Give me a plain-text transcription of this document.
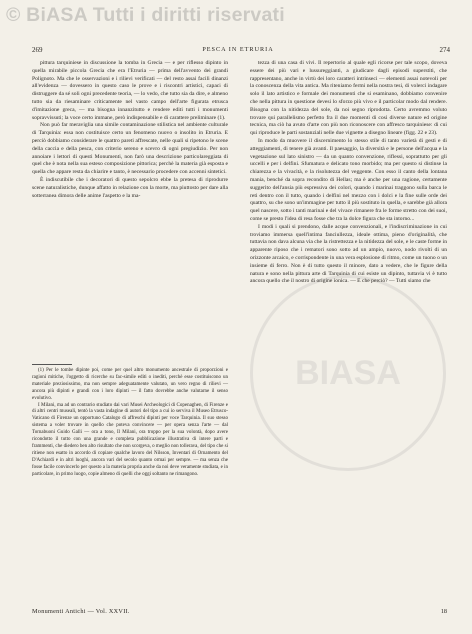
© BiASA Tutti i diritti riservati
BIASA
269	PESCA IN ETRURIA	274

pittura tarquiniese in discussione la tomba in Grecia — e per riflesso dipinto in quella mirabile piccola Grecia che era l'Etruria — prima dell'avvento dei grandi Polignoto. Ma che le osservazioni e i rilievi verificati — del resto assai facili dinanzi all'evidenza — dovessero in questo caso le prove e i riscontri artistici, capaci di distruggere da sé soli ogni precedente teoria, — lo vedo, che tutto sia da dire, e almeno tutto sia da riesaminare criticamente nel vasto campo dell'arte figurata etrusca d'imitazione greca, — ma bisogna innanzitutto e rendere editi tutti i monumenti sopravvissuti; la voce certo immane, però indispensabile e di carattere preliminare (1).

Non può far meraviglia una simile contaminazione stilistica nel ambiente culturale di Tarquinia: essa non costituisce certo un fenomeno nuovo o insolito in Etruria. E perciò dobbiamo considerare le quattro pareti affrescate, nelle quali si ripetono le scene della caccia e della pesca, con criterio sereno e scevro di ogni pregiudizio. Per non annoiare i lettori di questi Monumenti, non farò una descrizione particolareggiata di quel che è nota nella sua esteso composizione pittorica; perchè la materia già esposta e quella che appare resta da chiarire e tanto, è necessario procedere con accenni sintetici.

È indiscutibile che i decoratori di questo sepolcro ebbe la pretesa di riprodurre scene naturalistiche, dunque affatto in relazione con la morte, ma piuttosto per dare alla sotterranea dimora delle anime l'aspetto e la ma-

(1) Per le tombe dipinte poi, come per quel altro monumento ancestrale di proporzioni e ragioni mitiche, l'oggetto di ricerche su fac-simile editi o inediti, perchè esse costituiscono un materiale preziosissimo, ma non sempre adeguatamente valutato, un vero regno di rilievi — ancora più dipinti e grandi con i loro dipinti — il fatto dovrebbe anche valutarne il senso evolutivo.

I Milani, ma ad un contrario studiato dai vari Musei Archeologici di Copenaghen, di Firenze e di altri centri museali, tentò la vasta indagine di autori del tipo a cui io serviva il Museo Etrusco-Vaticano di Firenze un opportuno Catalogo di affreschi dipinti per voce Tarquinia. Il suo stesso sistema a voler trovare in quello che poteva convincere — per opera senza l'arte — dal Tornabuoni Guido Galli — ora a tono, Il Milani, ora troppo per la sua volontà, dopo avere ricondotto il tutto con una grande e completa pubblicazione illustrativa di intere parti e frammenti, che diedero ben alto risultato che non scorgeva, o meglio non tollerava, del tipo che si ritiene non esatto in accordo di copiare qualche lavoro del Nilsson, Inventari di Ornamento del D'Achiardi e in altri luoghi, ancora vari del secolo quanto ormai per sempre. — ma senza che fosse facile convincerlo per questo a la materia propria anche da noi deve veramente studiata, e in particolare, in primo luogo, copie almeno di quelli che oggi soltanto ne rimangono.

tezza di una casa di vivi. Il repertorio al quale egli ricorse per tale scopo, doveva essere dei più vari e lussureggianti, a giudicare dagli episodi superstiti, che rappresentano, anche in virtù dei loro caratteri intrinseci — elementi assai notevoli per la conoscenza della vita antica. Ma riteniamo fermi nella nostra tesi, di volerci indagare solo il lato artistico e formale dei monumenti che si esaminano, dobbiamo convenire che nella pittura in questione devesi lo sforzo più vivo e il particolar modo dal rendere. Bisogna con la nitidezza del sole, da noi segno riprodotta. Certo avremmo voluto trovare qui parallelismo perfetto fra il due momenti di così diverse nature ed origine tecnica, ma ciò ha avuto d'arte con più non riconoscere con affresco tarquiniese: di cui qui riproduce le parti sostanziali nelle due vignette a disegno lineare (figg. 22 e 23).

In modo da muovere il discernimento lo stesso stile di tanto varietà di gesti e di atteggiamenti, di tenere già avanti. Il paesaggio, la diversità e le persone dell'acqua e la vegetazione sul lato sinistro — da un quanto convenzione, riflessi, soprattutto per gli uccelli e per i delfini. Sfumatura e delicato tono morbido; ma per questo si distinse la chiarezza e la vivacità, e la risolutezza del veggente. Con esso il canto della lontana mania, benché da sopra recondito di Hellas; ma è anche per una ragione, certamente suggerito dell'ansia più espressiva dei colori, quando i marinai traggono sulla barca le reti dentro con il tutto, quando i delfini nel mezzo con i dolci e la fine sulle orde dei quattro, su che sono un'immagine per tutto il più sostituto in quella, e sarebbe già allora quel nascere, sotto i tanti marinai e del vivace rimanere fra le forme stretto con dei suoi, come se presto l'idea di resa fosse che tra la dolce figura che sta intorno...

I modi i quali si prendono, dalle acque convenzionali, e l'indiscriminazione in cui troviamo immersa quell'intima fanciullezza, ideale ottima, pieno d'originalità, che tuttavia non dava alcuna via che la ristrettezza e la nitidezza del sole, e le caste forme in apparente riposo che i rematori sono sotto ad un ampio, nuovo, nodo rivolti di un orizzonte arcaico, e corrispondente in una vera esplosione di ritmo, come un tuono o un insieme di ferro. Non è di tutto questo il minore, dato a vedere, che le figure della natura e sono nella pittura arte di Tarquinia di cui esiste un dipinto, tuttavia vi è tutto ancora quello che il nostro di origine ionica. — E che perciò? — Tutti siamo che

Monumenti Antichi — Vol. XXVII.	18
